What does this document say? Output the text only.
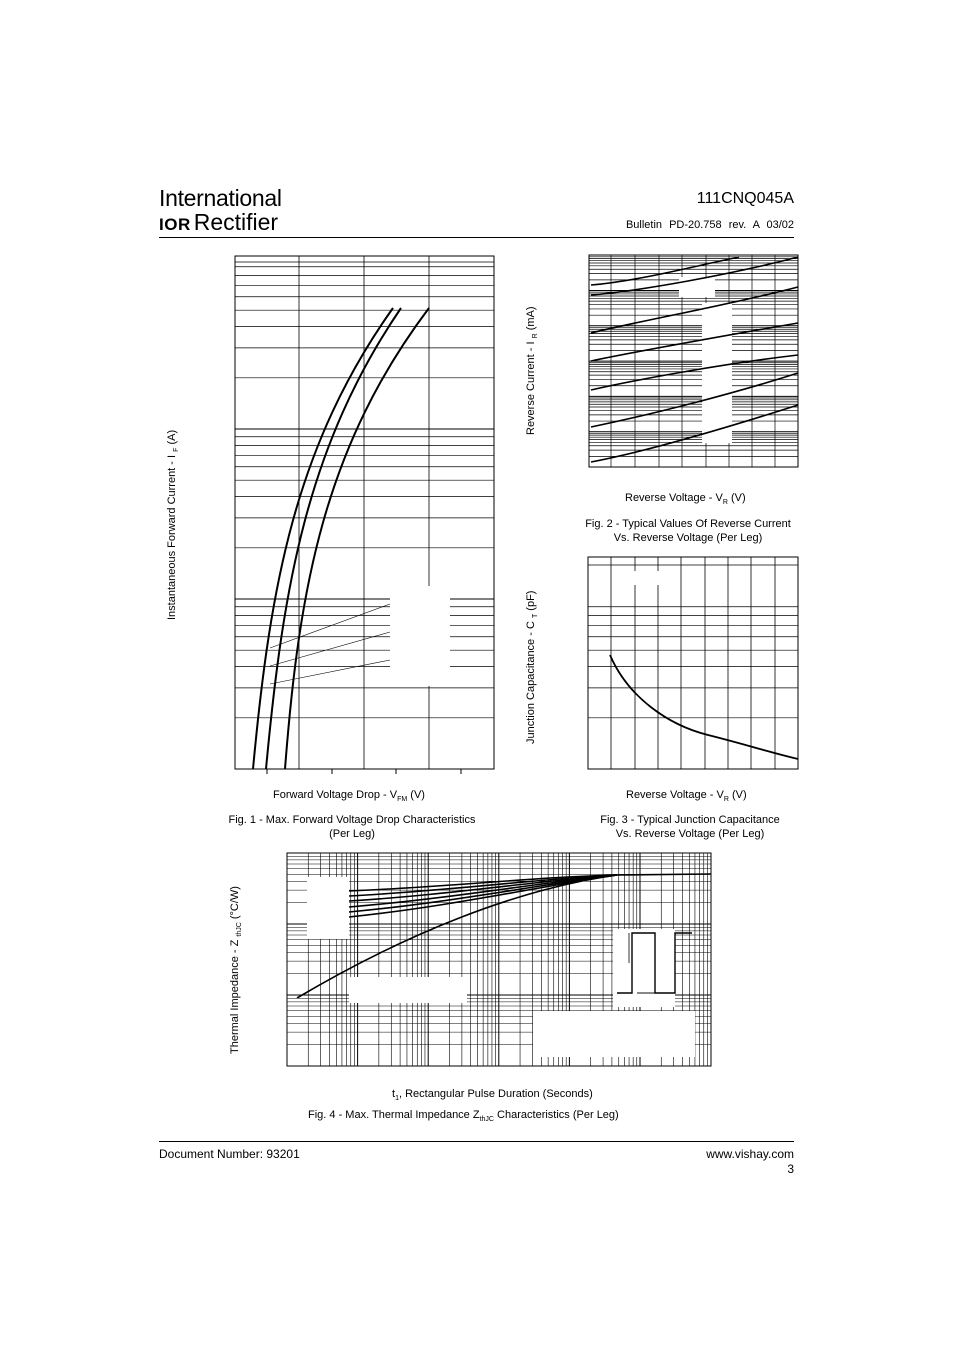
International
IOR Rectifier
111CNQ045A
Bulletin PD-20.758 rev. A 03/02
Instantaneous Forward Current - I $_F$ (A)
Forward Voltage Drop - $V_{FM}$ (V)
Fig. 1 - Max. Forward Voltage Drop Characteristics
(Per Leg)
Reverse Current - I $_R$ (mA)
Reverse Voltage - $V_R$ (V)
Fig. 2 - Typical Values Of Reverse Current
Vs. Reverse Voltage (Per Leg)
Junction Capacitance - C $_T$ (pF)
Reverse Voltage - $V_R$ (V)
Fig. 3 - Typical Junction Capacitance
Vs. Reverse Voltage (Per Leg)
Thermal Impedance - Z $_{thJC}$ (°C/W)
$t_1$, Rectangular Pulse Duration (Seconds)
Fig. 4 - Max. Thermal Impedance $Z_{thJC}$ Characteristics (Per Leg)
Document Number: 93201	www.vishay.com
3
